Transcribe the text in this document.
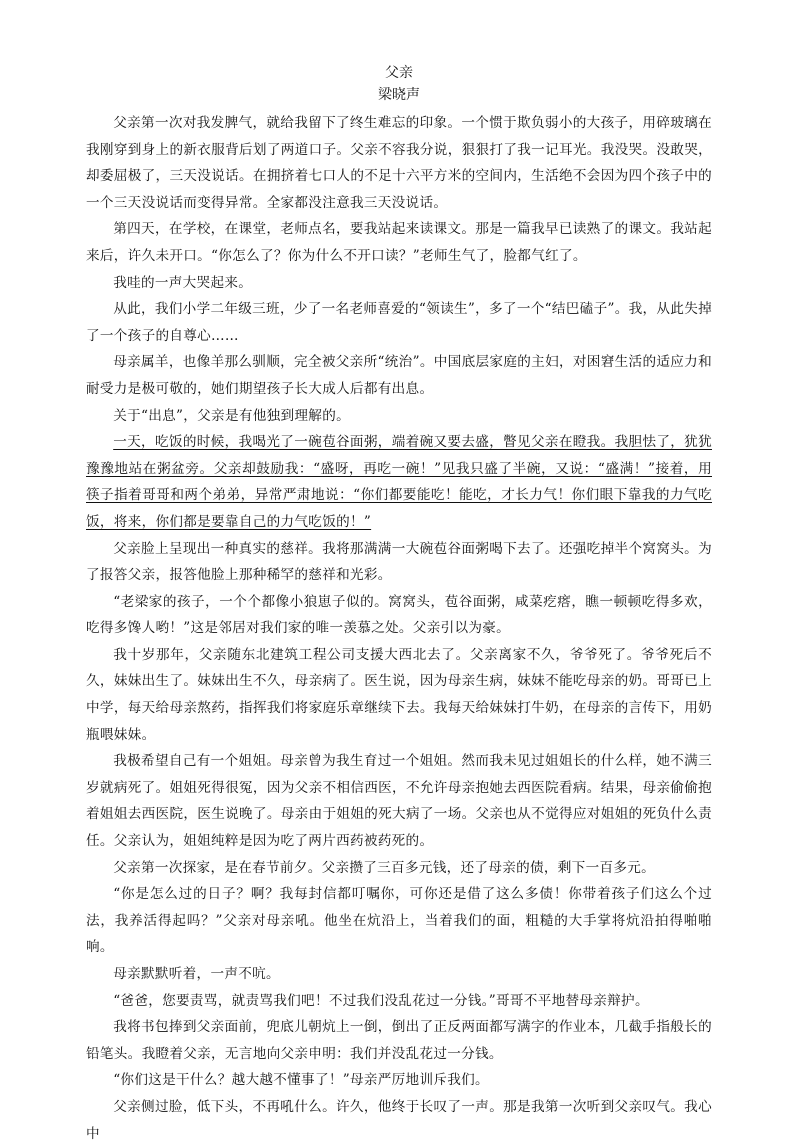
父亲
梁晓声

父亲第一次对我发脾气，就给我留下了终生难忘的印象。一个惯于欺负弱小的大孩子，用碎玻璃在我刚穿到身上的新衣服背后划了两道口子。父亲不容我分说，狠狠打了我一记耳光。我没哭。没敢哭，却委屈极了，三天没说话。在拥挤着七口人的不足十六平方米的空间内，生活绝不会因为四个孩子中的一个三天没说话而变得异常。全家都没注意我三天没说话。

第四天，在学校，在课堂，老师点名，要我站起来读课文。那是一篇我早已读熟了的课文。我站起来后，许久未开口。“你怎么了？你为什么不开口读？”老师生气了，脸都气红了。

我哇的一声大哭起来。

从此，我们小学二年级三班，少了一名老师喜爱的“领读生”，多了一个“结巴磕子”。我，从此失掉了一个孩子的自尊心……

母亲属羊，也像羊那么驯顺，完全被父亲所“统治”。中国底层家庭的主妇，对困窘生活的适应力和耐受力是极可敬的，她们期望孩子长大成人后都有出息。

关于“出息”，父亲是有他独到理解的。

一天，吃饭的时候，我喝光了一碗苞谷面粥，端着碗又要去盛，瞥见父亲在瞪我。我胆怯了，犹犹豫豫地站在粥盆旁。父亲却鼓励我：“盛呀，再吃一碗！”见我只盛了半碗，又说：“盛满！”接着，用筷子指着哥哥和两个弟弟，异常严肃地说：“你们都要能吃！能吃，才长力气！你们眼下靠我的力气吃饭，将来，你们都是要靠自己的力气吃饭的！”

父亲脸上呈现出一种真实的慈祥。我将那满满一大碗苞谷面粥喝下去了。还强吃掉半个窝窝头。为了报答父亲，报答他脸上那种稀罕的慈祥和光彩。

“老梁家的孩子，一个个都像小狼崽子似的。窝窝头，苞谷面粥，咸菜疙瘩，瞧一顿顿吃得多欢，吃得多馋人哟！”这是邻居对我们家的唯一羡慕之处。父亲引以为豪。

我十岁那年，父亲随东北建筑工程公司支援大西北去了。父亲离家不久，爷爷死了。爷爷死后不久，妹妹出生了。妹妹出生不久，母亲病了。医生说，因为母亲生病，妹妹不能吃母亲的奶。哥哥已上中学，每天给母亲熬药，指挥我们将家庭乐章继续下去。我每天给妹妹打牛奶，在母亲的言传下，用奶瓶喂妹妹。

我极希望自己有一个姐姐。母亲曾为我生育过一个姐姐。然而我未见过姐姐长的什么样，她不满三岁就病死了。姐姐死得很冤，因为父亲不相信西医，不允许母亲抱她去西医院看病。结果，母亲偷偷抱着姐姐去西医院，医生说晚了。母亲由于姐姐的死大病了一场。父亲也从不觉得应对姐姐的死负什么责任。父亲认为，姐姐纯粹是因为吃了两片西药被药死的。

父亲第一次探家，是在春节前夕。父亲攒了三百多元钱，还了母亲的债，剩下一百多元。

“你是怎么过的日子？啊？我每封信都叮嘱你，可你还是借了这么多债！你带着孩子们这么个过法，我养活得起吗？”父亲对母亲吼。他坐在炕沿上，当着我们的面，粗糙的大手掌将炕沿拍得啪啪响。

母亲默默听着，一声不吭。

“爸爸，您要责骂，就责骂我们吧！不过我们没乱花过一分钱。”哥哥不平地替母亲辩护。

我将书包捧到父亲面前，兜底儿朝炕上一倒，倒出了正反两面都写满字的作业本，几截手指般长的铅笔头。我瞪着父亲，无言地向父亲申明：我们并没乱花过一分钱。

“你们这是干什么？越大越不懂事了！”母亲严厉地训斥我们。

父亲侧过脸，低下头，不再吼什么。许久，他终于长叹了一声。那是我第一次听到父亲叹气。我心中
